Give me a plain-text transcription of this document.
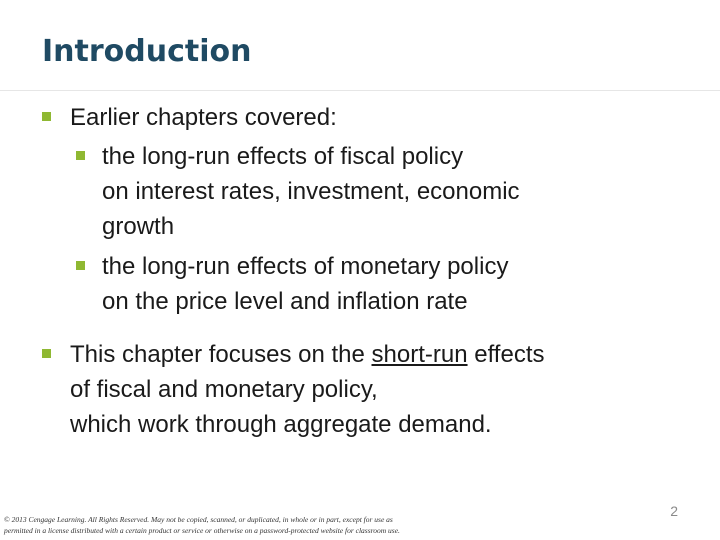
Introduction
Earlier chapters covered:
the long-run effects of fiscal policy
on interest rates, investment, economic
growth
the long-run effects of monetary policy
on the price level and inflation rate
This chapter focuses on the short-run effects
of fiscal and monetary policy,
which work through aggregate demand.

© 2013 Cengage Learning. All Rights Reserved. May not be copied, scanned, or duplicated, in whole or in part, except for use as
permitted in a license distributed with a certain product or service or otherwise on a password-protected website for classroom use.

2
